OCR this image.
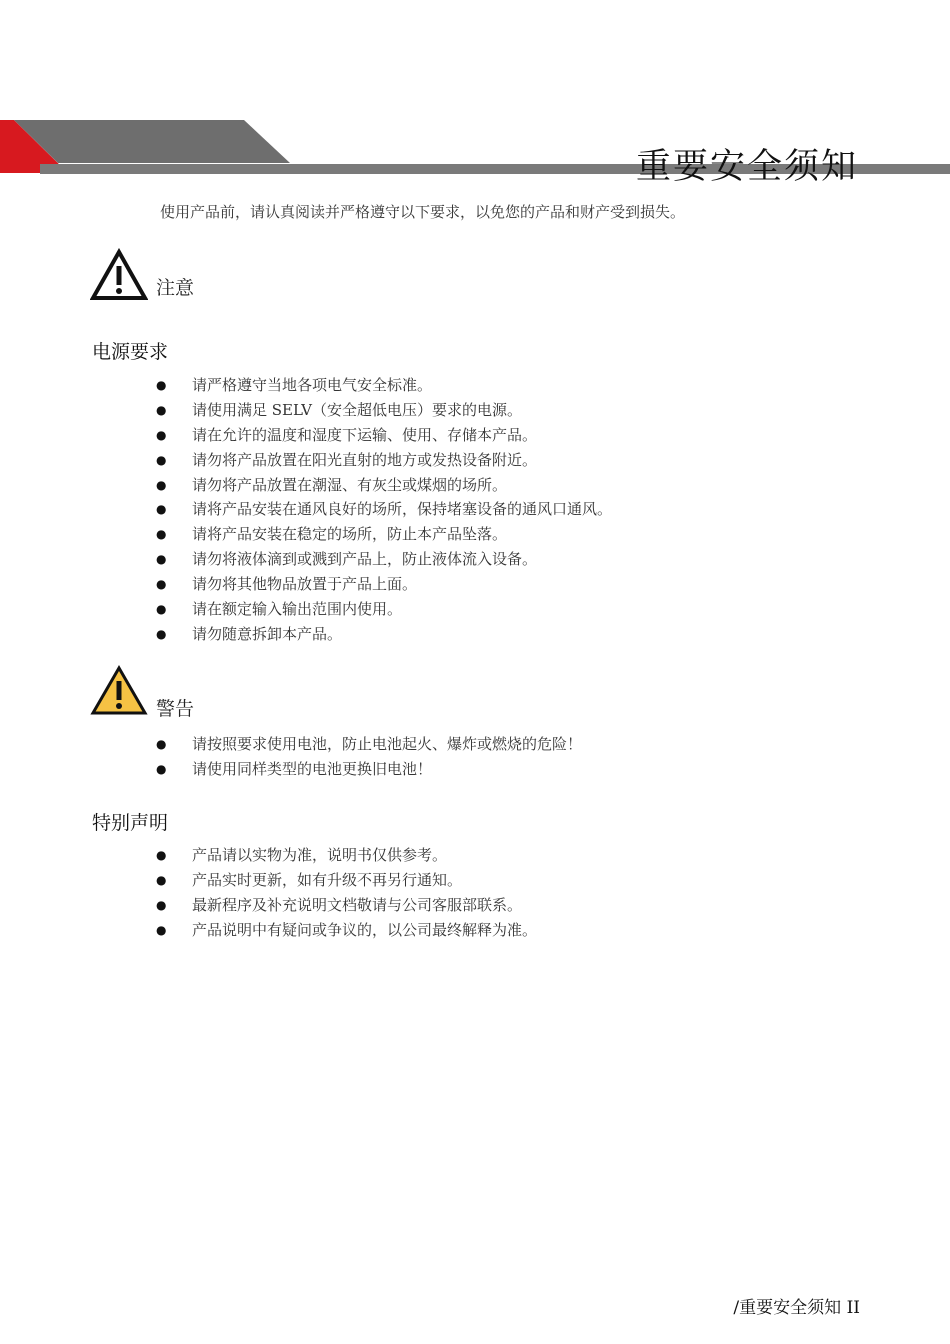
重要安全须知

使用产品前，请认真阅读并严格遵守以下要求，以免您的产品和财产受到损失。

注意
电源要求
●	请严格遵守当地各项电气安全标准。
●	请使用满足 SELV（安全超低电压）要求的电源。
●	请在允许的温度和湿度下运输、使用、存储本产品。
●	请勿将产品放置在阳光直射的地方或发热设备附近。
●	请勿将产品放置在潮湿、有灰尘或煤烟的场所。
●	请将产品安装在通风良好的场所，保持堵塞设备的通风口通风。
●	请将产品安装在稳定的场所，防止本产品坠落。
●	请勿将液体滴到或溅到产品上，防止液体流入设备。
●	请勿将其他物品放置于产品上面。
●	请在额定输入输出范围内使用。
●	请勿随意拆卸本产品。
警告
●	请按照要求使用电池，防止电池起火、爆炸或燃烧的危险！
●	请使用同样类型的电池更换旧电池！
特别声明
●	产品请以实物为准，说明书仅供参考。
●	产品实时更新，如有升级不再另行通知。
●	最新程序及补充说明文档敬请与公司客服部联系。
●	产品说明中有疑问或争议的，以公司最终解释为准。
/重要安全须知 II
